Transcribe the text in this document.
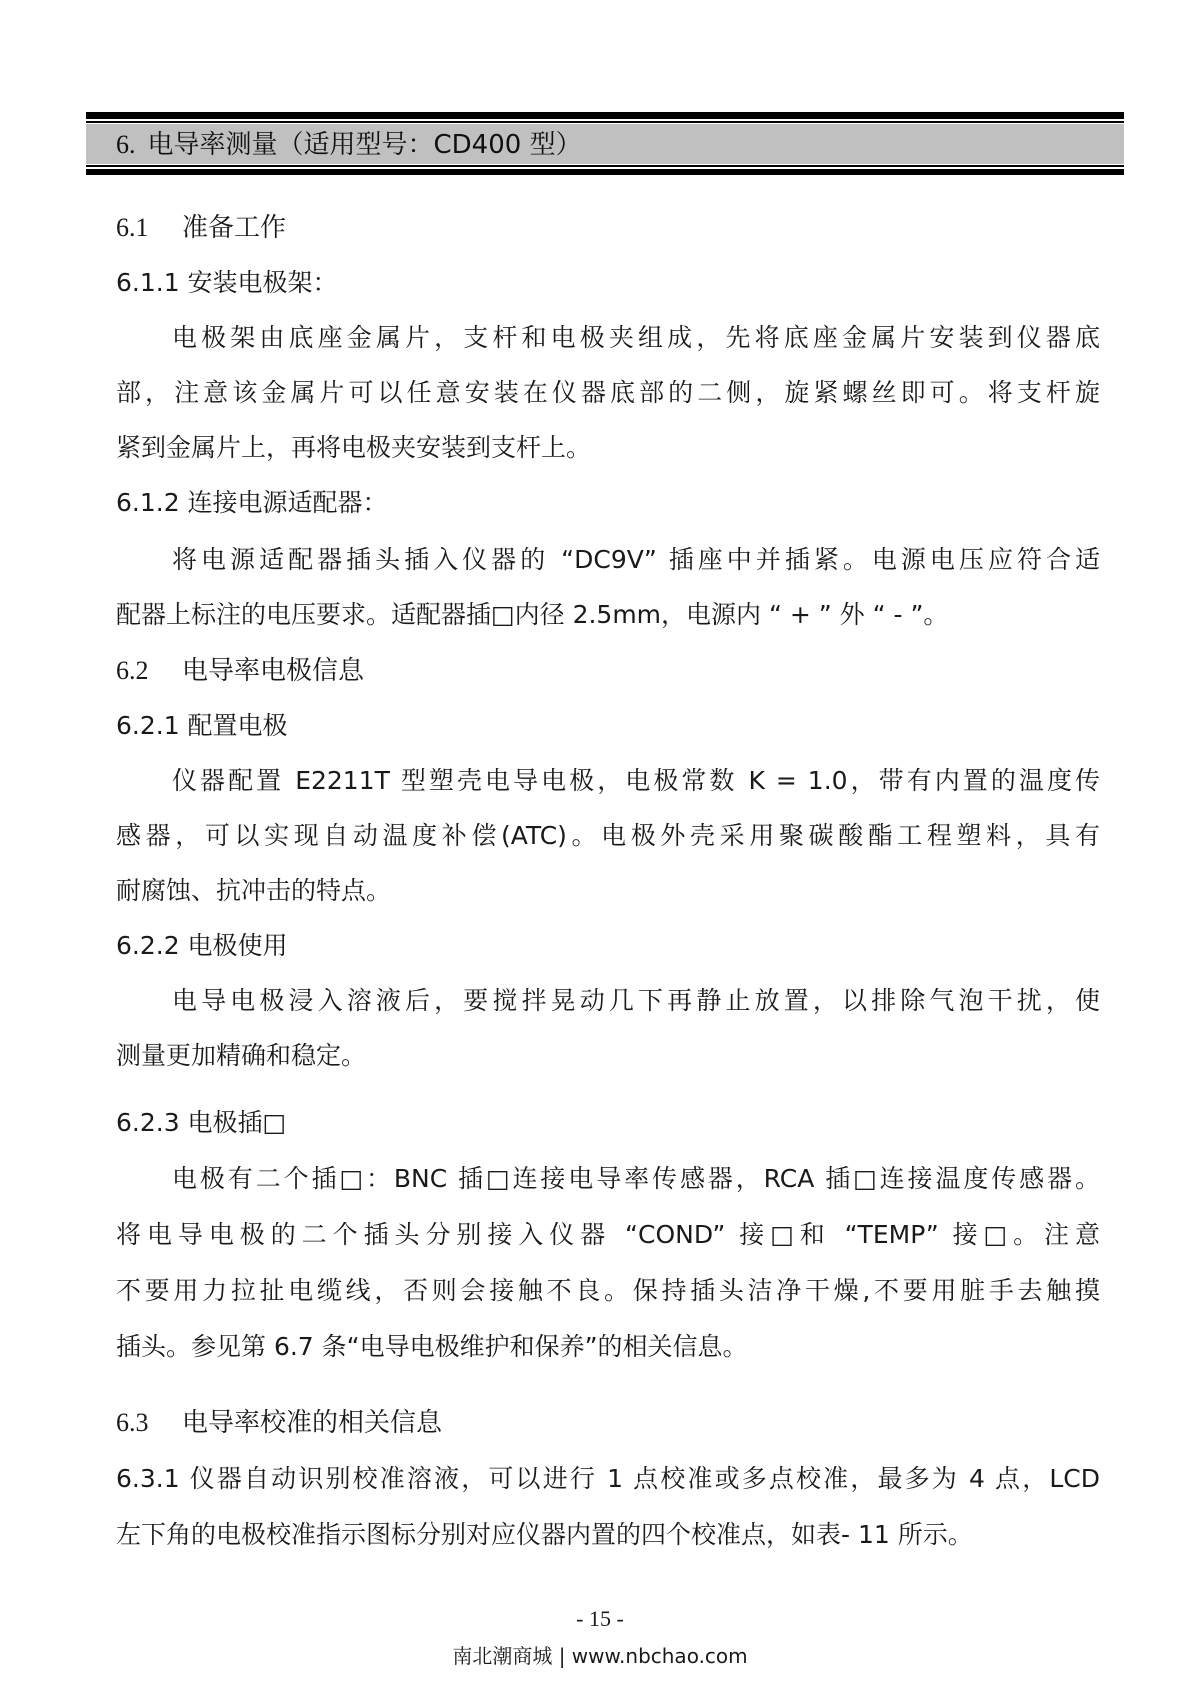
6. 电导率测量（适用型号：CD400 型）
6.1 准备工作
6.1.1 安装电极架：
电极架由底座金属片，支杆和电极夹组成，先将底座金属片安装到仪器底
部，注意该金属片可以任意安装在仪器底部的二侧，旋紧螺丝即可。将支杆旋
紧到金属片上，再将电极夹安装到支杆上。
6.1.2 连接电源适配器：
将电源适配器插头插入仪器的 “DC9V” 插座中并插紧。电源电压应符合适
配器上标注的电压要求。适配器插□内径 2.5mm，电源内 “ + ” 外 “ - ”。
6.2 电导率电极信息
6.2.1 配置电极
仪器配置 E2211T 型塑壳电导电极，电极常数 K = 1.0，带有内置的温度传
感器，可以实现自动温度补偿(ATC)。电极外壳采用聚碳酸酯工程塑料，具有
耐腐蚀、抗冲击的特点。
6.2.2 电极使用
电导电极浸入溶液后，要搅拌晃动几下再静止放置，以排除气泡干扰，使
测量更加精确和稳定。
6.2.3 电极插□
电极有二个插□：BNC 插□连接电导率传感器，RCA 插□连接温度传感器。
将电导电极的二个插头分别接入仪器 “COND” 接□和 “TEMP” 接□。注意
不要用力拉扯电缆线，否则会接触不良。保持插头洁净干燥,不要用脏手去触摸
插头。参见第 6.7 条“电导电极维护和保养”的相关信息。
6.3 电导率校准的相关信息
6.3.1 仪器自动识别校准溶液，可以进行 1 点校准或多点校准，最多为 4 点，LCD
左下角的电极校准指示图标分别对应仪器内置的四个校准点，如表- 11 所示。
- 15 -
南北潮商城 | www.nbchao.com
